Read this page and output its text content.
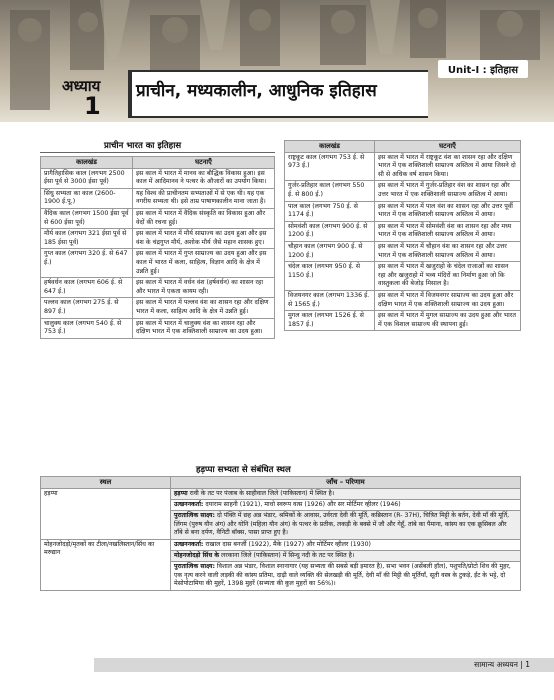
Unit-I : इतिहास
अध्याय
1
प्राचीन, मध्यकालीन, आधुनिक इतिहास
प्राचीन भारत का इतिहास
कालखंड	घटनाएँ
प्रागैतिहासिक काल (लगभग 2500 ईसा पूर्व से 3000 ईसा पूर्व)	इस काल में भारत में मानव का बौद्धिक विकास हुआ। इस काल में आदिमानव ने पत्थर के औजारों का उपयोग किया।
सिंधु सभ्यता का काल (2600-1900 ई.पू.)	यह विश्व की प्राचीनतम सभ्यताओं में से एक थी। यह एक नगरीय सभ्यता थी। इसे ताम्र पाषाणकालीन माना जाता है।
वैदिक काल (लगभग 1500 ईसा पूर्व से 600 ईसा पूर्व)	इस काल में भारत में वैदिक संस्कृति का विकास हुआ और वेदों की रचना हुई।
मौर्य काल (लगभग 321 ईसा पूर्व से 185 ईसा पूर्व)	इस काल में भारत में मौर्य साम्राज्य का उदय हुआ और इस वंश के चंद्रगुप्त मौर्य, अशोक मौर्य जैसे महान शासक हुए।
गुप्त काल (लगभग 320 ई. से 647 ई.)	इस काल में भारत में गुप्त साम्राज्य का उदय हुआ और इस काल में भारत में कला, साहित्य, विज्ञान आदि के क्षेत्र में उन्नति हुई।
हर्षवर्धन काल (लगभग 606 ई. से 647 ई.)	इस काल में भारत में वर्धन वंश (हर्षवर्धन) का शासन रहा और भारत में एकता कायम रही।
पल्लव काल (लगभग 275 ई. से 897 ई.)	इस काल में भारत में पल्लव वंश का शासन रहा और दक्षिण भारत में कला, साहित्य आदि के क्षेत्र में उन्नति हुई।
चालुक्य काल (लगभग 540 ई. से 753 ई.)	इस काल में भारत में चालुक्य वंश का शासन रहा और दक्षिण भारत में एक शक्तिशाली साम्राज्य का उदय हुआ।
कालखंड	घटनाएँ
राष्ट्रकूट काल (लगभग 753 ई. से 973 ई.)	इस काल में भारत में राष्ट्रकूट वंश का शासन रहा और दक्षिण भारत में एक शक्तिशाली साम्राज्य अस्तित्व में आया जिसने दो सौ से अधिक वर्ष शासन किया।
गुर्जर-प्रतिहार काल (लगभग 550 ई. से 800 ई.)	इस काल में भारत में गुर्जर-प्रतिहार वंश का शासन रहा और उत्तर भारत में एक शक्तिशाली साम्राज्य अस्तित्व में आया।
पाल काल (लगभग 750 ई. से 1174 ई.)	इस काल में भारत में पाल वंश का शासन रहा और उत्तर पूर्वी भारत में एक शक्तिशाली साम्राज्य अस्तित्व में आया।
सोमवंशी काल (लगभग 900 ई. से 1200 ई.)	इस काल में भारत में सोमवंशी वंश का शासन रहा और मध्य भारत में एक शक्तिशाली साम्राज्य अस्तित्व में आया।
चौहान काल (लगभग 900 ई. से 1200 ई.)	इस काल में भारत में चौहान वंश का शासन रहा और उत्तर भारत में एक शक्तिशाली साम्राज्य अस्तित्व में आया।
चंदेल काल (लगभग 950 ई. से 1150 ई.)	इस काल में भारत में खजुराहो के चंदेल राजाओं का शासन रहा और खजुराहो में भव्य मंदिरों का निर्माण हुआ जो कि वास्तुकला की बेजोड़ मिसाल है।
विजयनगर काल (लगभग 1336 ई. से 1565 ई.)	इस काल में भारत में विजयनगर साम्राज्य का उदय हुआ और दक्षिण भारत में एक शक्तिशाली साम्राज्य का उदय हुआ।
मुगल काल (लगभग 1526 ई. से 1857 ई.)	इस काल में भारत में मुगल साम्राज्य का उदय हुआ और भारत में एक विशाल साम्राज्य की स्थापना हुई।
हड़प्पा सभ्यता से संबंधित स्थल
स्थल	जाँच – परिणाम
हड़प्पा	हड़प्पा रावी के तट पर पंजाब के साहीवाल जिले (पाकिस्तान) में स्थित है।
	उत्खननकर्ता: दयाराम साहनी (1921), माधो स्वरूप वत्स (1926) और सर मोर्टिमर व्हीलर (1946)
	पुरातात्विक साक्ष्य: दो पंक्ति में छह अन्न भंडार, श्रमिकों के आवास, उर्वरता देवी की मूर्ति, कब्रिस्तान (R- 37H), चित्रित मिट्टी के बर्तन, देवी माँ की मूर्ति, लिंगम (पुरुष यौन अंग) और योनि (महिला यौन अंग) के पत्थर के प्रतीक, लकड़ी के बक्से में जौ और गेहूँ, तांबे का पैमाना, कांस्य का एक क्रूसिबल और ताँबे से बना दर्पण, वैनिटी बॉक्स, पासा प्राप्त हुए है।
मोहनजोदड़ो/मृतकों का टीला/नखलिस्तान/सिंध का मरुद्यान	उत्खननकर्ता: राखाल दास बनर्जी (1922), मैके (1927) और मोर्टिमर व्हीलर (1930)
	मोहनजोदड़ो सिंध के लरकाना जिले (पाकिस्तान) में सिन्धु नदी के तट पर स्थित है।
	पुरातात्विक साक्ष्य: विशाल अन्न भंडार, विशाल स्नानागार (यह सभ्यता की सबसे बड़ी इमारत है), सभा भवन (असेंबली हॉल), पशुपति/प्रोटो शिव की मुहर, एक नृत्य करने वाली लड़की की कांस्य प्रतिमा, दाढ़ी वाले व्यक्ति की सेलखड़ी की मूर्ति, देवी माँ की मिट्टी की मूर्तियाँ, सूती वस्त्र के टुकड़े, ईंट के भट्टे, दो मेसोपोटामिया की मुहरें, 1398 मुहरें (सभ्यता की कुल मुहरों का 56%)।
सामान्य अध्ययन | 1
